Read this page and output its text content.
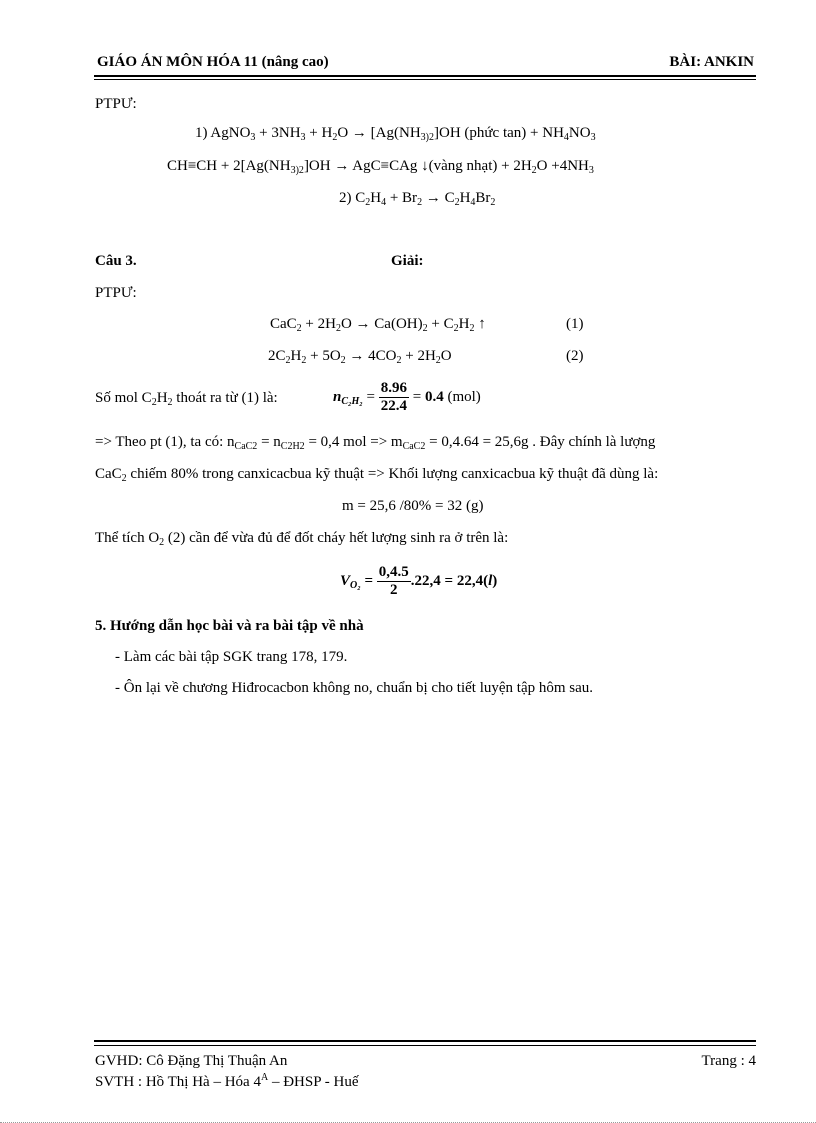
GIÁO ÁN MÔN HÓA 11 (nâng cao)	BÀI: ANKIN
PTPƯ:
1) AgNO$_3$ + $3NH_3 + H_2O \to [Ag(NH_{3)2}]OH$ (phức $\tan) + NH_4NO_3$
$CH\equiv CH + 2[Ag(NH_{3)2}]OH \to AgC\equiv CAg$ ↓(vàng nhạt) + $2H_2O +4NH_3$
2) $C_2H_4 + Br_2 \to C_2H_4Br_2$
Câu 3.	Giải:
PTPƯ:
$CaC_2 + 2H_2O \to Ca(OH)_2 + C_2H_2$ ↑	(1)
$2C_2H_2 + 5O_2 \to 4CO_2 + 2H_2O$	(2)
Số mol $C_2H_2$ thoát ra từ (1) là:	$n_{C_2H_2} = \frac{8.96}{22.4} = 0.4$ (mol)
=> Theo pt (1), ta có: $n_{CaC2} = n_{C2H2} = 0,4$ mol => $m_{CaC2} = 0,4.64 = 25,6g$ . Đây chính là lượng
CaC$_2$ chiếm 80% trong canxicacbua kỹ thuật => Khối lượng canxicacbua kỹ thuật đã dùng là:
m = 25,6 /80% = 32 (g)
Thể tích $O_2$ (2) cần để vừa đủ để đốt cháy hết lượng sinh ra ở trên là:
$V_{O_2} = \frac{0,4.5}{2} .22,4 = 22,4(l)$
5. Hướng dẫn học bài và ra bài tập về nhà
- Làm các bài tập SGK trang 178, 179.
- Ôn lại về chương Hiđrocacbon không no, chuẩn bị cho tiết luyện tập hôm sau.
GVHD: Cô Đặng Thị Thuận An	Trang : 4
SVTH : Hồ Thị Hà – Hóa $4^A$ – ĐHSP - Huế
